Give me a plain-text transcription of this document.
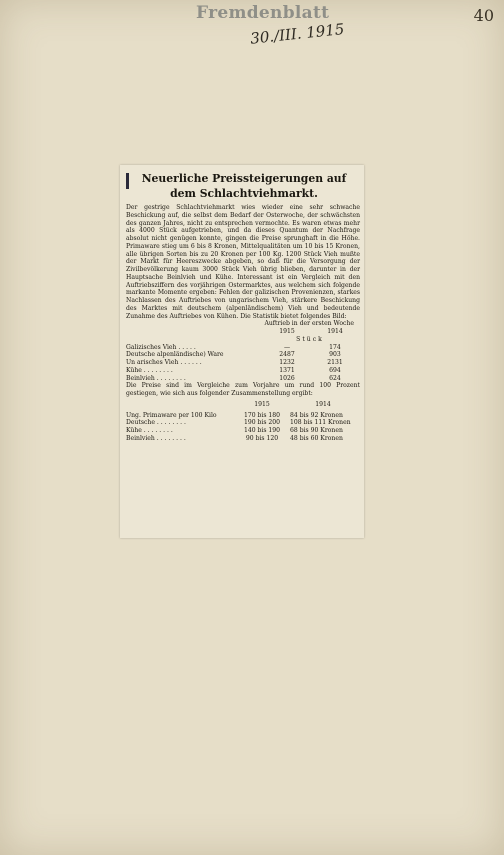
Fremdenblatt	40
30./III. 1915
Neuerliche Preissteigerungen auf dem Schlachtviehmarkt.
Der gestrige Schlachtviehmarkt wies wieder eine sehr schwache Beschickung auf, die selbst dem Bedarf der Osterwoche, der schwächsten des ganzen Jahres, nicht zu entsprechen vermochte. Es waren etwas mehr als 4000 Stück aufgetrieben, und da dieses Quantum der Nachfrage absolut nicht genügen konnte, gingen die Preise sprunghaft in die Höhe. Primaware stieg um 6 bis 8 Kronen, Mittelqualitäten um 10 bis 15 Kronen, alle übrigen Sorten bis zu 20 Kronen per 100 Kg. 1200 Stück Vieh mußte der Markt für Heereszwecke abgeben, so daß für die Versorgung der Zivilbevölkerung kaum 3000 Stück Vieh übrig blieben, darunter in der Hauptsache Beinlvieh und Kühe. Interessant ist ein Vergleich mit den Auftriebsziffern des vorjährigen Ostermarktes, aus welchem sich folgende markante Momente ergeben: Fehlen der galizischen Provenienzen, starkes Nachlassen des Auftriebes von ungarischem Vieh, stärkere Beschickung des Marktes mit deutschem (alpenländischem) Vieh und bedeutende Zunahme des Auftriebes von Kühen. Die Statistik bietet folgendes Bild:
Auftrieb in der ersten Woche
1915	1914
Stück
Galizisches Vieh . . . . .	—	174
Deutsche alpenländische) Ware	2487	903
Un arisches Vieh . . . . . .	1232	2131
Kühe . . . . . . . .	1371	694
Beinlvieh . . . . . . . .	1026	624
Die Preise sind im Vergleiche zum Vorjahre um rund 100 Prozent gestiegen, wie sich aus folgender Zusammenstellung ergibt:
1915	1914
Ung. Primaware per 100 Kilo	170 bis 180	84 bis 92 Kronen
Deutsche . . . . . . . .	190 bis 200	108 bis 111 Kronen
Kühe . . . . . . . .	140 bis 190	68 bis 90 Kronen
Beinlvieh . . . . . . . .	90 bis 120	48 bis 60 Kronen
